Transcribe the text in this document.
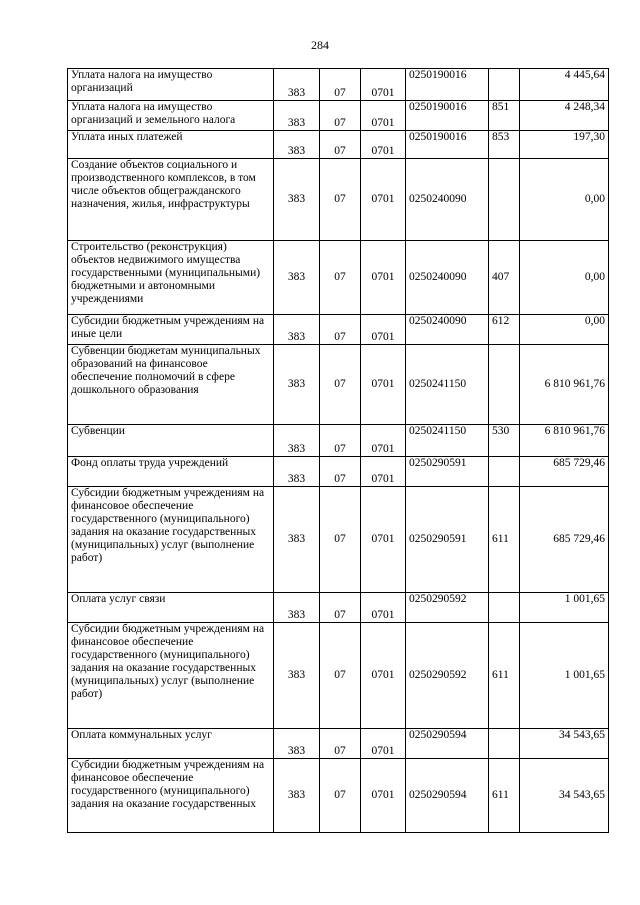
284
Уплата налога на имущество организаций	383	07	0701	0250190016		4 445,64
Уплата налога на имущество организаций и земельного налога	383	07	0701	0250190016	851	4 248,34
Уплата иных платежей	383	07	0701	0250190016	853	197,30
Создание объектов социального и производственного комплексов, в том числе объектов общегражданского назначения, жилья, инфраструктуры	383	07	0701	0250240090		0,00
Строительство (реконструкция) объектов недвижимого имущества государственными (муниципальными) бюджетными и автономными учреждениями	383	07	0701	0250240090	407	0,00
Субсидии бюджетным учреждениям на иные цели	383	07	0701	0250240090	612	0,00
Субвенции бюджетам муниципальных образований на финансовое обеспечение полномочий в сфере дошкольного образования	383	07	0701	0250241150		6 810 961,76
Субвенции	383	07	0701	0250241150	530	6 810 961,76
Фонд оплаты труда учреждений	383	07	0701	0250290591		685 729,46
Субсидии бюджетным учреждениям на финансовое обеспечение государственного (муниципального) задания на оказание государственных (муниципальных) услуг (выполнение работ)	383	07	0701	0250290591	611	685 729,46
Оплата услуг связи	383	07	0701	0250290592		1 001,65
Субсидии бюджетным учреждениям на финансовое обеспечение государственного (муниципального) задания на оказание государственных (муниципальных) услуг (выполнение работ)	383	07	0701	0250290592	611	1 001,65
Оплата коммунальных услуг	383	07	0701	0250290594		34 543,65
Субсидии бюджетным учреждениям на финансовое обеспечение государственного (муниципального) задания на оказание государственных	383	07	0701	0250290594	611	34 543,65
